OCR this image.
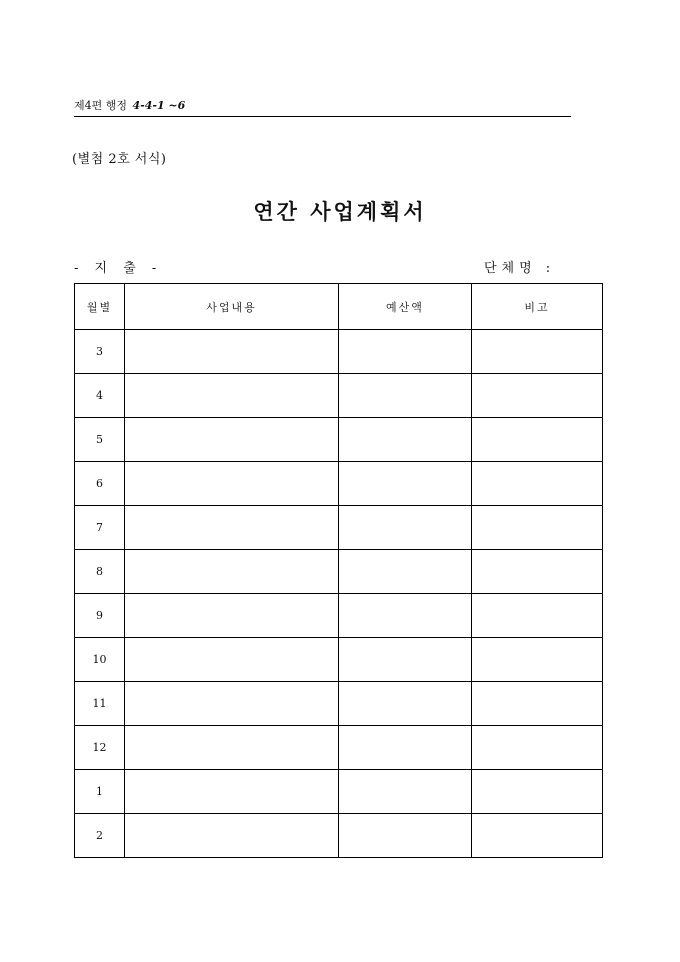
제4편 행정 4-4-1 ~6
(별첨 2호 서식)
연간 사업계획서
- 지 출 -	단체명 :
월별	사업내용	예산액	비고
3			
4			
5			
6			
7			
8			
9			
10			
11			
12			
1			
2			
